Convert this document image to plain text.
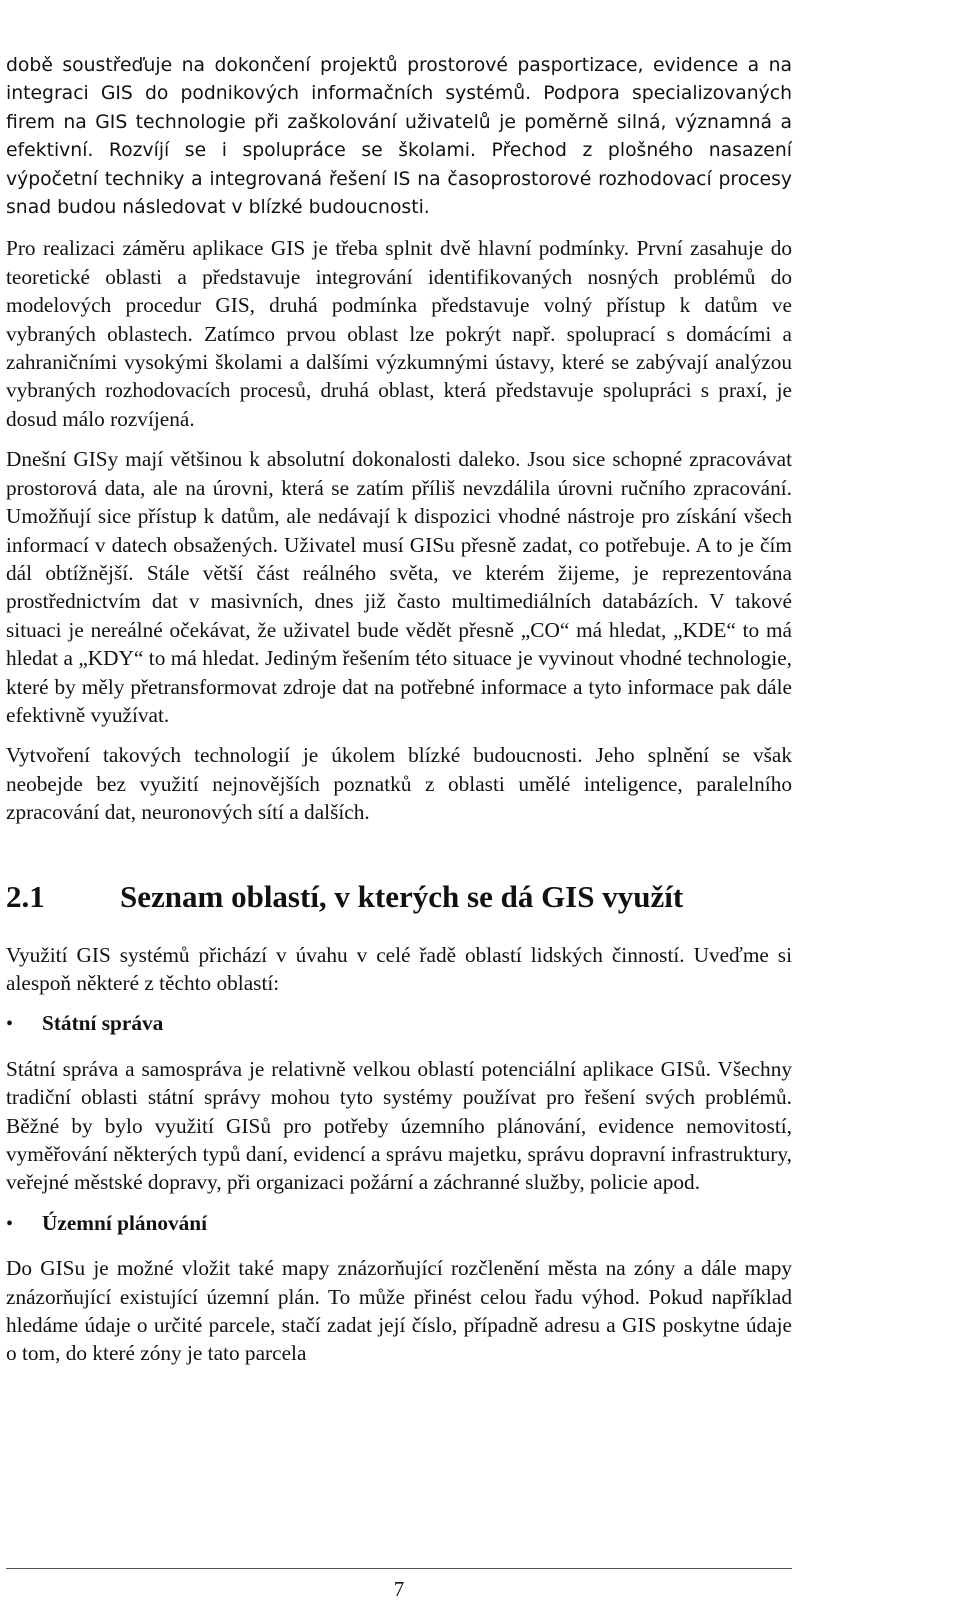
době soustřeďuje na dokončení projektů prostorové pasportizace, evidence a na integraci GIS do podnikových informačních systémů. Podpora specializovaných firem na GIS technologie při zaškolování uživatelů je poměrně silná, významná a efektivní. Rozvíjí se i spolupráce se školami. Přechod z plošného nasazení výpočetní techniky a integrovaná řešení IS na časoprostorové rozhodovací procesy snad budou následovat v blízké budoucnosti.

Pro realizaci záměru aplikace GIS je třeba splnit dvě hlavní podmínky. První zasahuje do teoretické oblasti a představuje integrování identifikovaných nosných problémů do modelových procedur GIS, druhá podmínka představuje volný přístup k datům ve vybraných oblastech. Zatímco prvou oblast lze pokrýt např. spoluprací s domácími a zahraničními vysokými školami a dalšími výzkumnými ústavy, které se zabývají analýzou vybraných rozhodovacích procesů, druhá oblast, která představuje spolupráci s praxí, je dosud málo rozvíjená.

Dnešní GISy mají většinou k absolutní dokonalosti daleko. Jsou sice schopné zpracovávat prostorová data, ale na úrovni, která se zatím příliš nevzdálila úrovni ručního zpracování. Umožňují sice přístup k datům, ale nedávají k dispozici vhodné nástroje pro získání všech informací v datech obsažených. Uživatel musí GISu přesně zadat, co potřebuje. A to je čím dál obtížnější. Stále větší část reálného světa, ve kterém žijeme, je reprezentována prostřednictvím dat v masivních, dnes již často multimediálních databázích. V takové situaci je nereálné očekávat, že uživatel bude vědět přesně „CO“ má hledat, „KDE“ to má hledat a „KDY“ to má hledat. Jediným řešením této situace je vyvinout vhodné technologie, které by měly přetransformovat zdroje dat na potřebné informace a tyto informace pak dále efektivně využívat.

Vytvoření takových technologií je úkolem blízké budoucnosti. Jeho splnění se však neobejde bez využití nejnovějších poznatků z oblasti umělé inteligence, paralelního zpracování dat, neuronových sítí a dalších.

2.1	Seznam oblastí, v kterých se dá GIS využít

Využití GIS systémů přichází v úvahu v celé řadě oblastí lidských činností. Uveďme si alespoň některé z těchto oblastí:

•	Státní správa

Státní správa a samospráva je relativně velkou oblastí potenciální aplikace GISů. Všechny tradiční oblasti státní správy mohou tyto systémy používat pro řešení svých problémů. Běžné by bylo využití GISů pro potřeby územního plánování, evidence nemovitostí, vyměřování některých typů daní, evidencí a správu majetku, správu dopravní infrastruktury, veřejné městské dopravy, při organizaci požární a záchranné služby, policie apod.

•	Územní plánování

Do GISu je možné vložit také mapy znázorňující rozčlenění města na zóny a dále mapy znázorňující existující územní plán. To může přinést celou řadu výhod. Pokud například hledáme údaje o určité parcele, stačí zadat její číslo, případně adresu a GIS poskytne údaje o tom, do které zóny je tato parcela

7
